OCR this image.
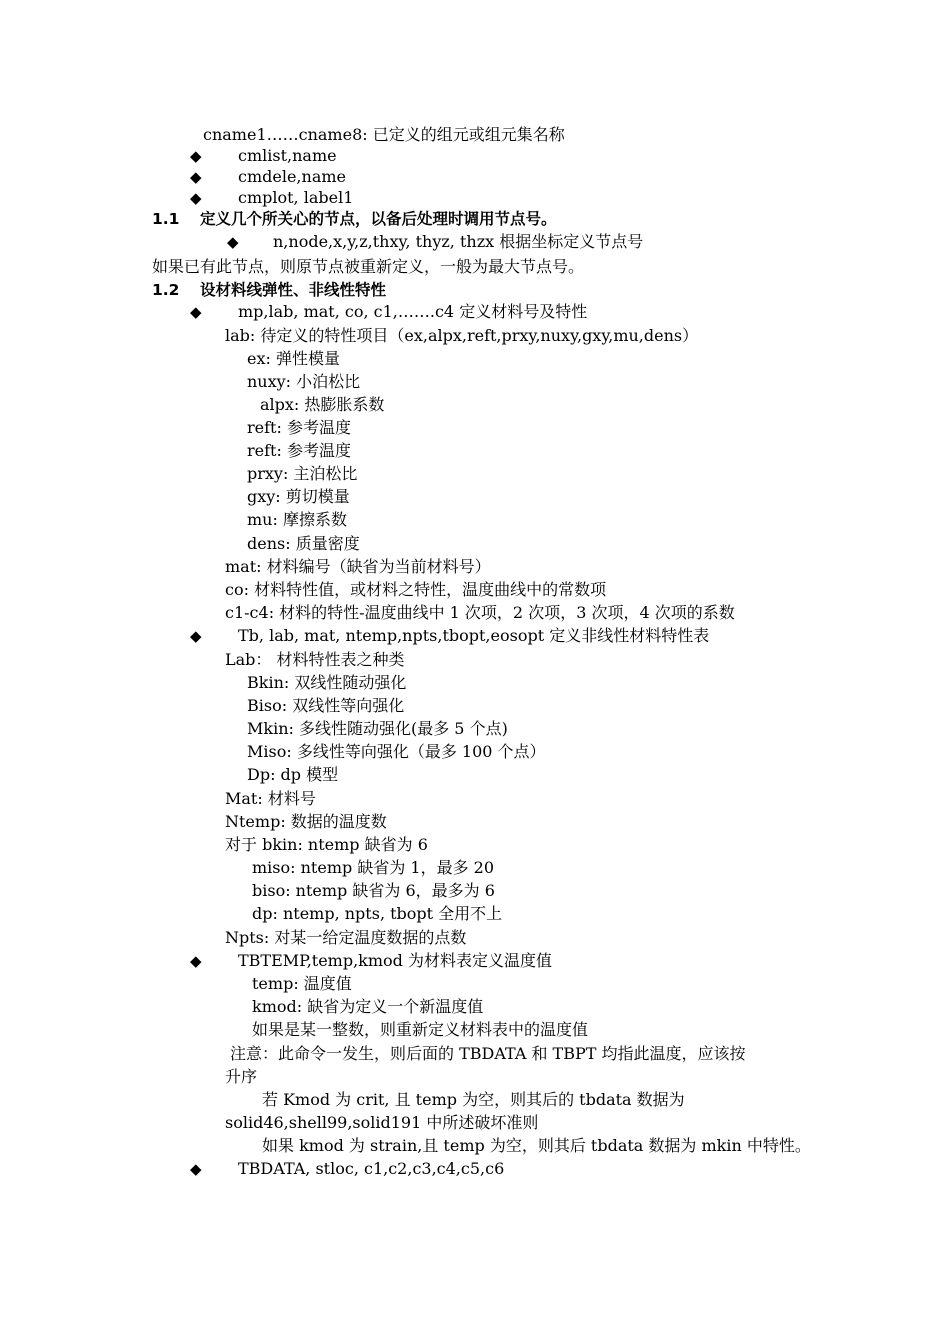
◆
◆
◆
◆
◆
◆
◆
◆
cname1……cname8: 已定义的组元或组元集名称
cmlist,name
cmdele,name
cmplot, label1
1.1 定义几个所关心的节点，以备后处理时调用节点号。
n,node,x,y,z,thxy, thyz, thzx 根据坐标定义节点号
如果已有此节点，则原节点被重新定义，一般为最大节点号。
1.2 设材料线弹性、非线性特性
mp,lab, mat, co, c1,…….c4 定义材料号及特性
lab: 待定义的特性项目（ex,alpx,reft,prxy,nuxy,gxy,mu,dens）
ex: 弹性模量
nuxy: 小泊松比
alpx: 热膨胀系数
reft: 参考温度
reft: 参考温度
prxy: 主泊松比
gxy: 剪切模量
mu: 摩擦系数
dens: 质量密度
mat: 材料编号（缺省为当前材料号）
co: 材料特性值，或材料之特性，温度曲线中的常数项
c1-c4: 材料的特性-温度曲线中 1 次项，2 次项，3 次项，4 次项的系数
Tb, lab, mat, ntemp,npts,tbopt,eosopt 定义非线性材料特性表
Lab： 材料特性表之种类
Bkin: 双线性随动强化
Biso: 双线性等向强化
Mkin: 多线性随动强化(最多 5 个点)
Miso: 多线性等向强化（最多 100 个点）
Dp: dp 模型
Mat: 材料号
Ntemp: 数据的温度数
对于 bkin: ntemp 缺省为 6
miso: ntemp 缺省为 1，最多 20
biso: ntemp 缺省为 6，最多为 6
dp: ntemp, npts, tbopt 全用不上
Npts: 对某一给定温度数据的点数
TBTEMP,temp,kmod 为材料表定义温度值
temp: 温度值
kmod: 缺省为定义一个新温度值
如果是某一整数，则重新定义材料表中的温度值
注意：此命令一发生，则后面的 TBDATA 和 TBPT 均指此温度，应该按
升序
若 Kmod 为 crit, 且 temp 为空，则其后的 tbdata 数据为
solid46,shell99,solid191 中所述破坏准则
如果 kmod 为 strain,且 temp 为空，则其后 tbdata 数据为 mkin 中特性。
TBDATA, stloc, c1,c2,c3,c4,c5,c6
